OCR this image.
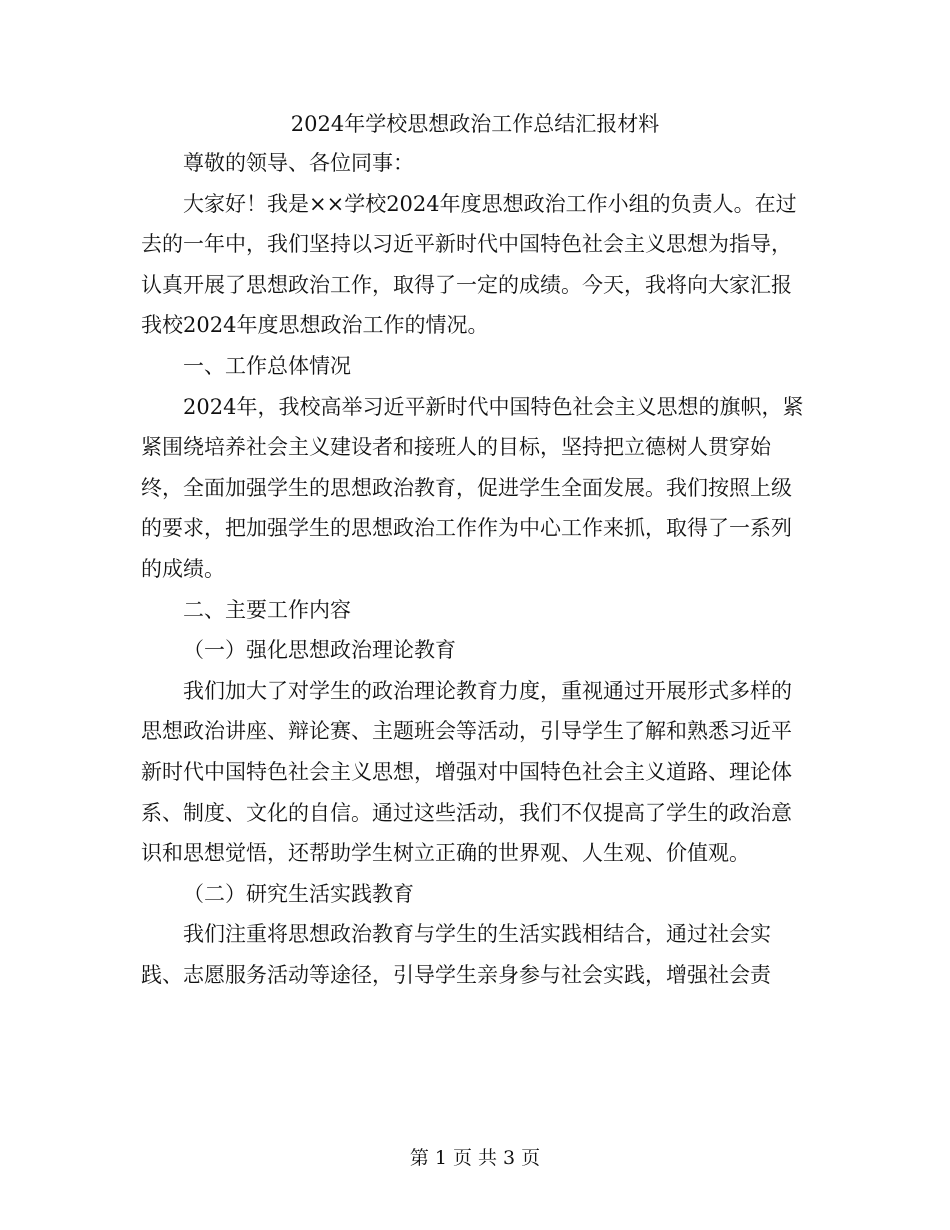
2024年学校思想政治工作总结汇报材料

尊敬的领导、各位同事：

大家好！我是××学校2024年度思想政治工作小组的负责人。在过去的一年中，我们坚持以习近平新时代中国特色社会主义思想为指导，认真开展了思想政治工作，取得了一定的成绩。今天，我将向大家汇报我校2024年度思想政治工作的情况。

一、工作总体情况

2024年，我校高举习近平新时代中国特色社会主义思想的旗帜，紧紧围绕培养社会主义建设者和接班人的目标，坚持把立德树人贯穿始终，全面加强学生的思想政治教育，促进学生全面发展。我们按照上级的要求，把加强学生的思想政治工作作为中心工作来抓，取得了一系列的成绩。

二、主要工作内容

（一）强化思想政治理论教育

我们加大了对学生的政治理论教育力度，重视通过开展形式多样的思想政治讲座、辩论赛、主题班会等活动，引导学生了解和熟悉习近平新时代中国特色社会主义思想，增强对中国特色社会主义道路、理论体系、制度、文化的自信。通过这些活动，我们不仅提高了学生的政治意识和思想觉悟，还帮助学生树立正确的世界观、人生观、价值观。

（二）研究生活实践教育

我们注重将思想政治教育与学生的生活实践相结合，通过社会实践、志愿服务活动等途径，引导学生亲身参与社会实践，增强社会责

第 1 页 共 3 页
